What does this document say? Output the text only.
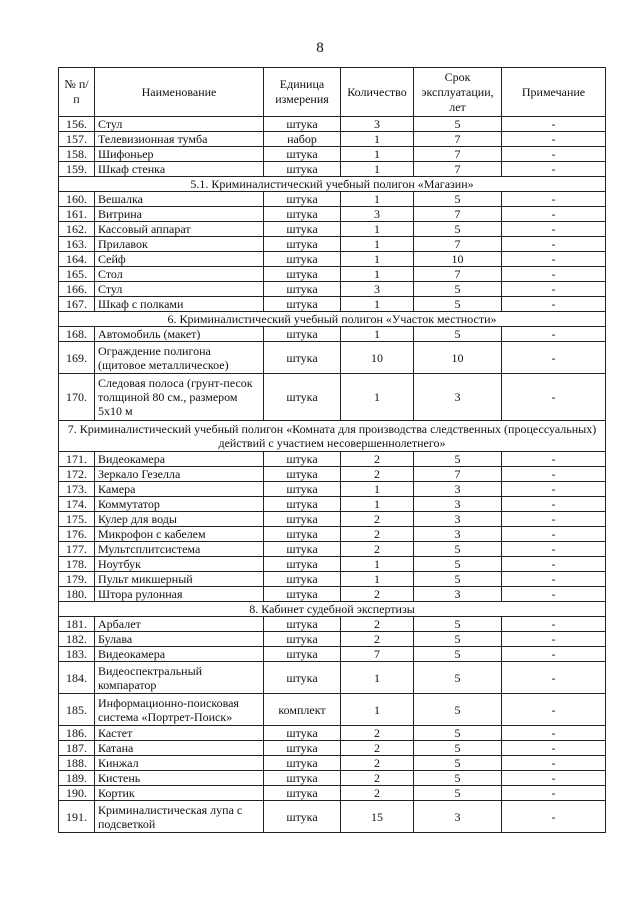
8
№ п/п	Наименование	Единица измерения	Количество	Срок эксплуатации, лет	Примечание
156.	Стул	штука	3	5	-
157.	Телевизионная тумба	набор	1	7	-
158.	Шифоньер	штука	1	7	-
159.	Шкаф стенка	штука	1	7	-
5.1. Криминалистический учебный полигон «Магазин»					
160.	Вешалка	штука	1	5	-
161.	Витрина	штука	3	7	-
162.	Кассовый аппарат	штука	1	5	-
163.	Прилавок	штука	1	7	-
164.	Сейф	штука	1	10	-
165.	Стол	штука	1	7	-
166.	Стул	штука	3	5	-
167.	Шкаф с полками	штука	1	5	-
6. Криминалистический учебный полигон «Участок местности»					
168.	Автомобиль (макет)	штука	1	5	-
169.	Ограждение полигона (щитовое металлическое)	штука	10	10	-
170.	Следовая полоса (грунт-песок толщиной 80 см., размером 5х10 м	штука	1	3	-
7. Криминалистический учебный полигон «Комната для производства следственных (процессуальных) действий с участием несовершеннолетнего»					
171.	Видеокамера	штука	2	5	-
172.	Зеркало Гезелла	штука	2	7	-
173.	Камера	штука	1	3	-
174.	Коммутатор	штука	1	3	-
175.	Кулер для воды	штука	2	3	-
176.	Микрофон с кабелем	штука	2	3	-
177.	Мультсплитсистема	штука	2	5	-
178.	Ноутбук	штука	1	5	-
179.	Пульт микшерный	штука	1	5	-
180.	Штора рулонная	штука	2	3	-
8. Кабинет судебной экспертизы					
181.	Арбалет	штука	2	5	-
182.	Булава	штука	2	5	-
183.	Видеокамера	штука	7	5	-
184.	Видеоспектральный компаратор	штука	1	5	-
185.	Информационно-поисковая система «Портрет-Поиск»	комплект	1	5	-
186.	Кастет	штука	2	5	-
187.	Катана	штука	2	5	-
188.	Кинжал	штука	2	5	-
189.	Кистень	штука	2	5	-
190.	Кортик	штука	2	5	-
191.	Криминалистическая лупа с подсветкой	штука	15	3	-
